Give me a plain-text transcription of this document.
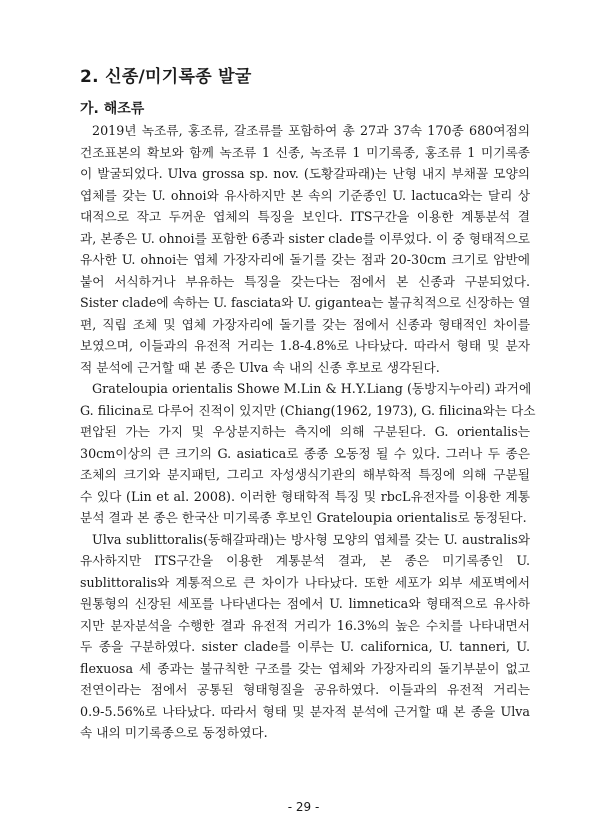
2. 신종/미기록종 발굴
가. 해조류
2019년 녹조류, 홍조류, 갈조류를 포함하여 총 27과 37속 170종 680여점의
건조표본의 확보와 함께 녹조류 1 신종, 녹조류 1 미기록종, 홍조류 1 미기록종
이 발굴되었다. Ulva grossa sp. nov. (도황갈파래)는 난형 내지 부채꼴 모양의
엽체를 갖는 U. ohnoi와 유사하지만 본 속의 기준종인 U. lactuca와는 달리 상
대적으로 작고 두꺼운 엽체의 특징을 보인다. ITS구간을 이용한 계통분석 결
과, 본종은 U. ohnoi를 포함한 6종과 sister clade를 이루었다. 이 중 형태적으로
유사한 U. ohnoi는 엽체 가장자리에 돌기를 갖는 점과 20-30cm 크기로 암반에
붙어 서식하거나 부유하는 특징을 갖는다는 점에서 본 신종과 구분되었다.
Sister clade에 속하는 U. fasciata와 U. gigantea는 불규칙적으로 신장하는 열
편, 직립 조체 및 엽체 가장자리에 돌기를 갖는 점에서 신종과 형태적인 차이를
보였으며, 이들과의 유전적 거리는 1.8-4.8%로 나타났다. 따라서 형태 및 분자
적 분석에 근거할 때 본 종은 Ulva 속 내의 신종 후보로 생각된다.
Grateloupia orientalis Showe M.Lin & H.Y.Liang (동방지누아리) 과거에
G. filicina로 다루어 진적이 있지만 (Chiang(1962, 1973), G. filicina와는 다소
편압된 가는 가지 및 우상분지하는 측지에 의해 구분된다. G. orientalis는
30cm이상의 큰 크기의 G. asiatica로 종종 오동정 될 수 있다. 그러나 두 종은
조체의 크기와 분지패턴, 그리고 자성생식기관의 해부학적 특징에 의해 구분될
수 있다 (Lin et al. 2008). 이러한 형태학적 특징 및 rbcL유전자를 이용한 계통
분석 결과 본 종은 한국산 미기록종 후보인 Grateloupia orientalis로 동정된다.
Ulva sublittoralis(동해갈파래)는 방사형 모양의 엽체를 갖는 U. australis와
유사하지만 ITS구간을 이용한 계통분석 결과, 본 종은 미기록종인 U.
sublittoralis와 계통적으로 큰 차이가 나타났다. 또한 세포가 외부 세포벽에서
원통형의 신장된 세포를 나타낸다는 점에서 U. limnetica와 형태적으로 유사하
지만 분자분석을 수행한 결과 유전적 거리가 16.3%의 높은 수치를 나타내면서
두 종을 구분하였다. sister clade를 이루는 U. californica, U. tanneri, U.
flexuosa 세 종과는 불규칙한 구조를 갖는 엽체와 가장자리의 돌기부분이 없고
전연이라는 점에서 공통된 형태형질을 공유하였다. 이들과의 유전적 거리는
0.9-5.56%로 나타났다. 따라서 형태 및 분자적 분석에 근거할 때 본 종을 Ulva
속 내의 미기록종으로 동정하였다.
- 29 -
